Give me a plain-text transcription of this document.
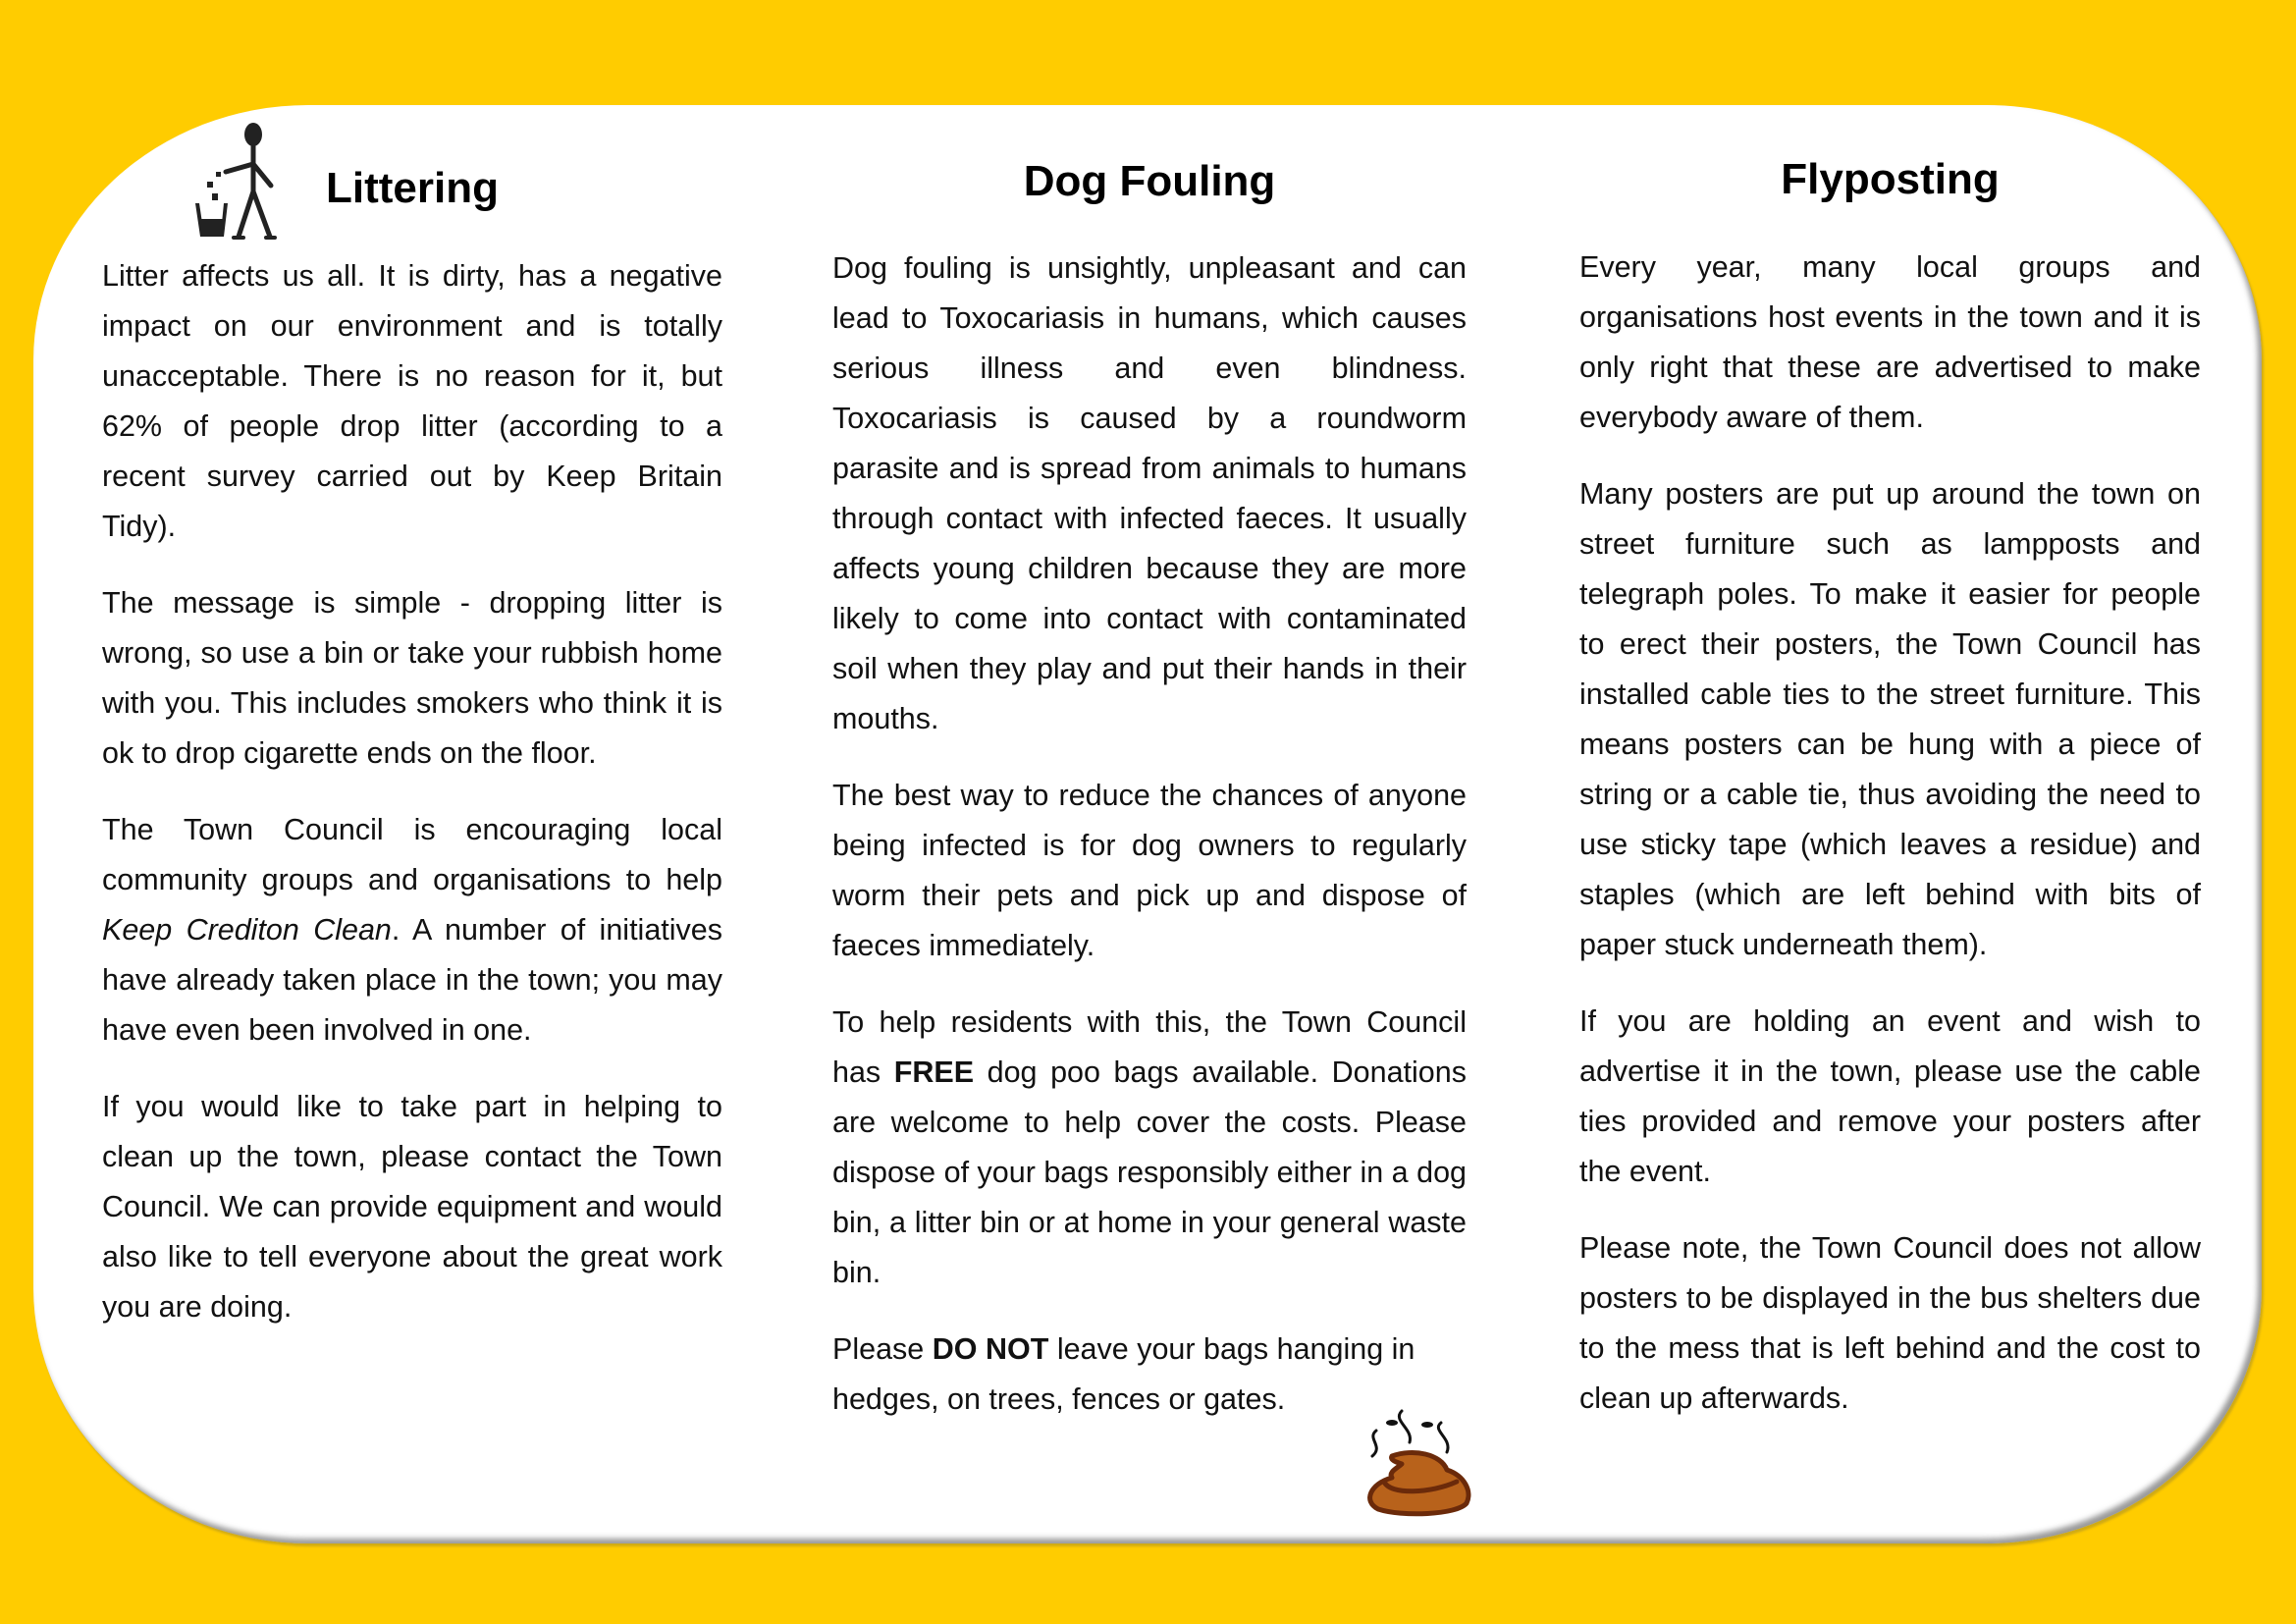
Littering

Litter affects us all. It is dirty, has a negative impact on our environment and is totally unacceptable. There is no reason for it, but 62% of people drop litter (according to a recent survey carried out by Keep Britain Tidy).

The message is simple - dropping litter is wrong, so use a bin or take your rubbish home with you. This includes smokers who think it is ok to drop cigarette ends on the floor.

The Town Council is encouraging local community groups and organisations to help Keep Crediton Clean. A number of initiatives have already taken place in the town; you may have even been involved in one.

If you would like to take part in helping to clean up the town, please contact the Town Council. We can provide equipment and would also like to tell everyone about the great work you are doing.

Dog Fouling

Dog fouling is unsightly, unpleasant and can lead to Toxocariasis in humans, which causes serious illness and even blindness. Toxocariasis is caused by a roundworm parasite and is spread from animals to humans through contact with infected faeces. It usually affects young children because they are more likely to come into contact with contaminated soil when they play and put their hands in their mouths.

The best way to reduce the chances of anyone being infected is for dog owners to regularly worm their pets and pick up and dispose of faeces immediately.

To help residents with this, the Town Council has FREE dog poo bags available. Donations are welcome to help cover the costs. Please dispose of your bags responsibly either in a dog bin, a litter bin or at home in your general waste bin.

Please DO NOT leave your bags hanging in hedges, on trees, fences or gates.

Flyposting

Every year, many local groups and organisations host events in the town and it is only right that these are advertised to make everybody aware of them.

Many posters are put up around the town on street furniture such as lampposts and telegraph poles. To make it easier for people to erect their posters, the Town Council has installed cable ties to the street furniture. This means posters can be hung with a piece of string or a cable tie, thus avoiding the need to use sticky tape (which leaves a residue) and staples (which are left behind with bits of paper stuck underneath them).

If you are holding an event and wish to advertise it in the town, please use the cable ties provided and remove your posters after the event.

Please note, the Town Council does not allow posters to be displayed in the bus shelters due to the mess that is left behind and the cost to clean up afterwards.
